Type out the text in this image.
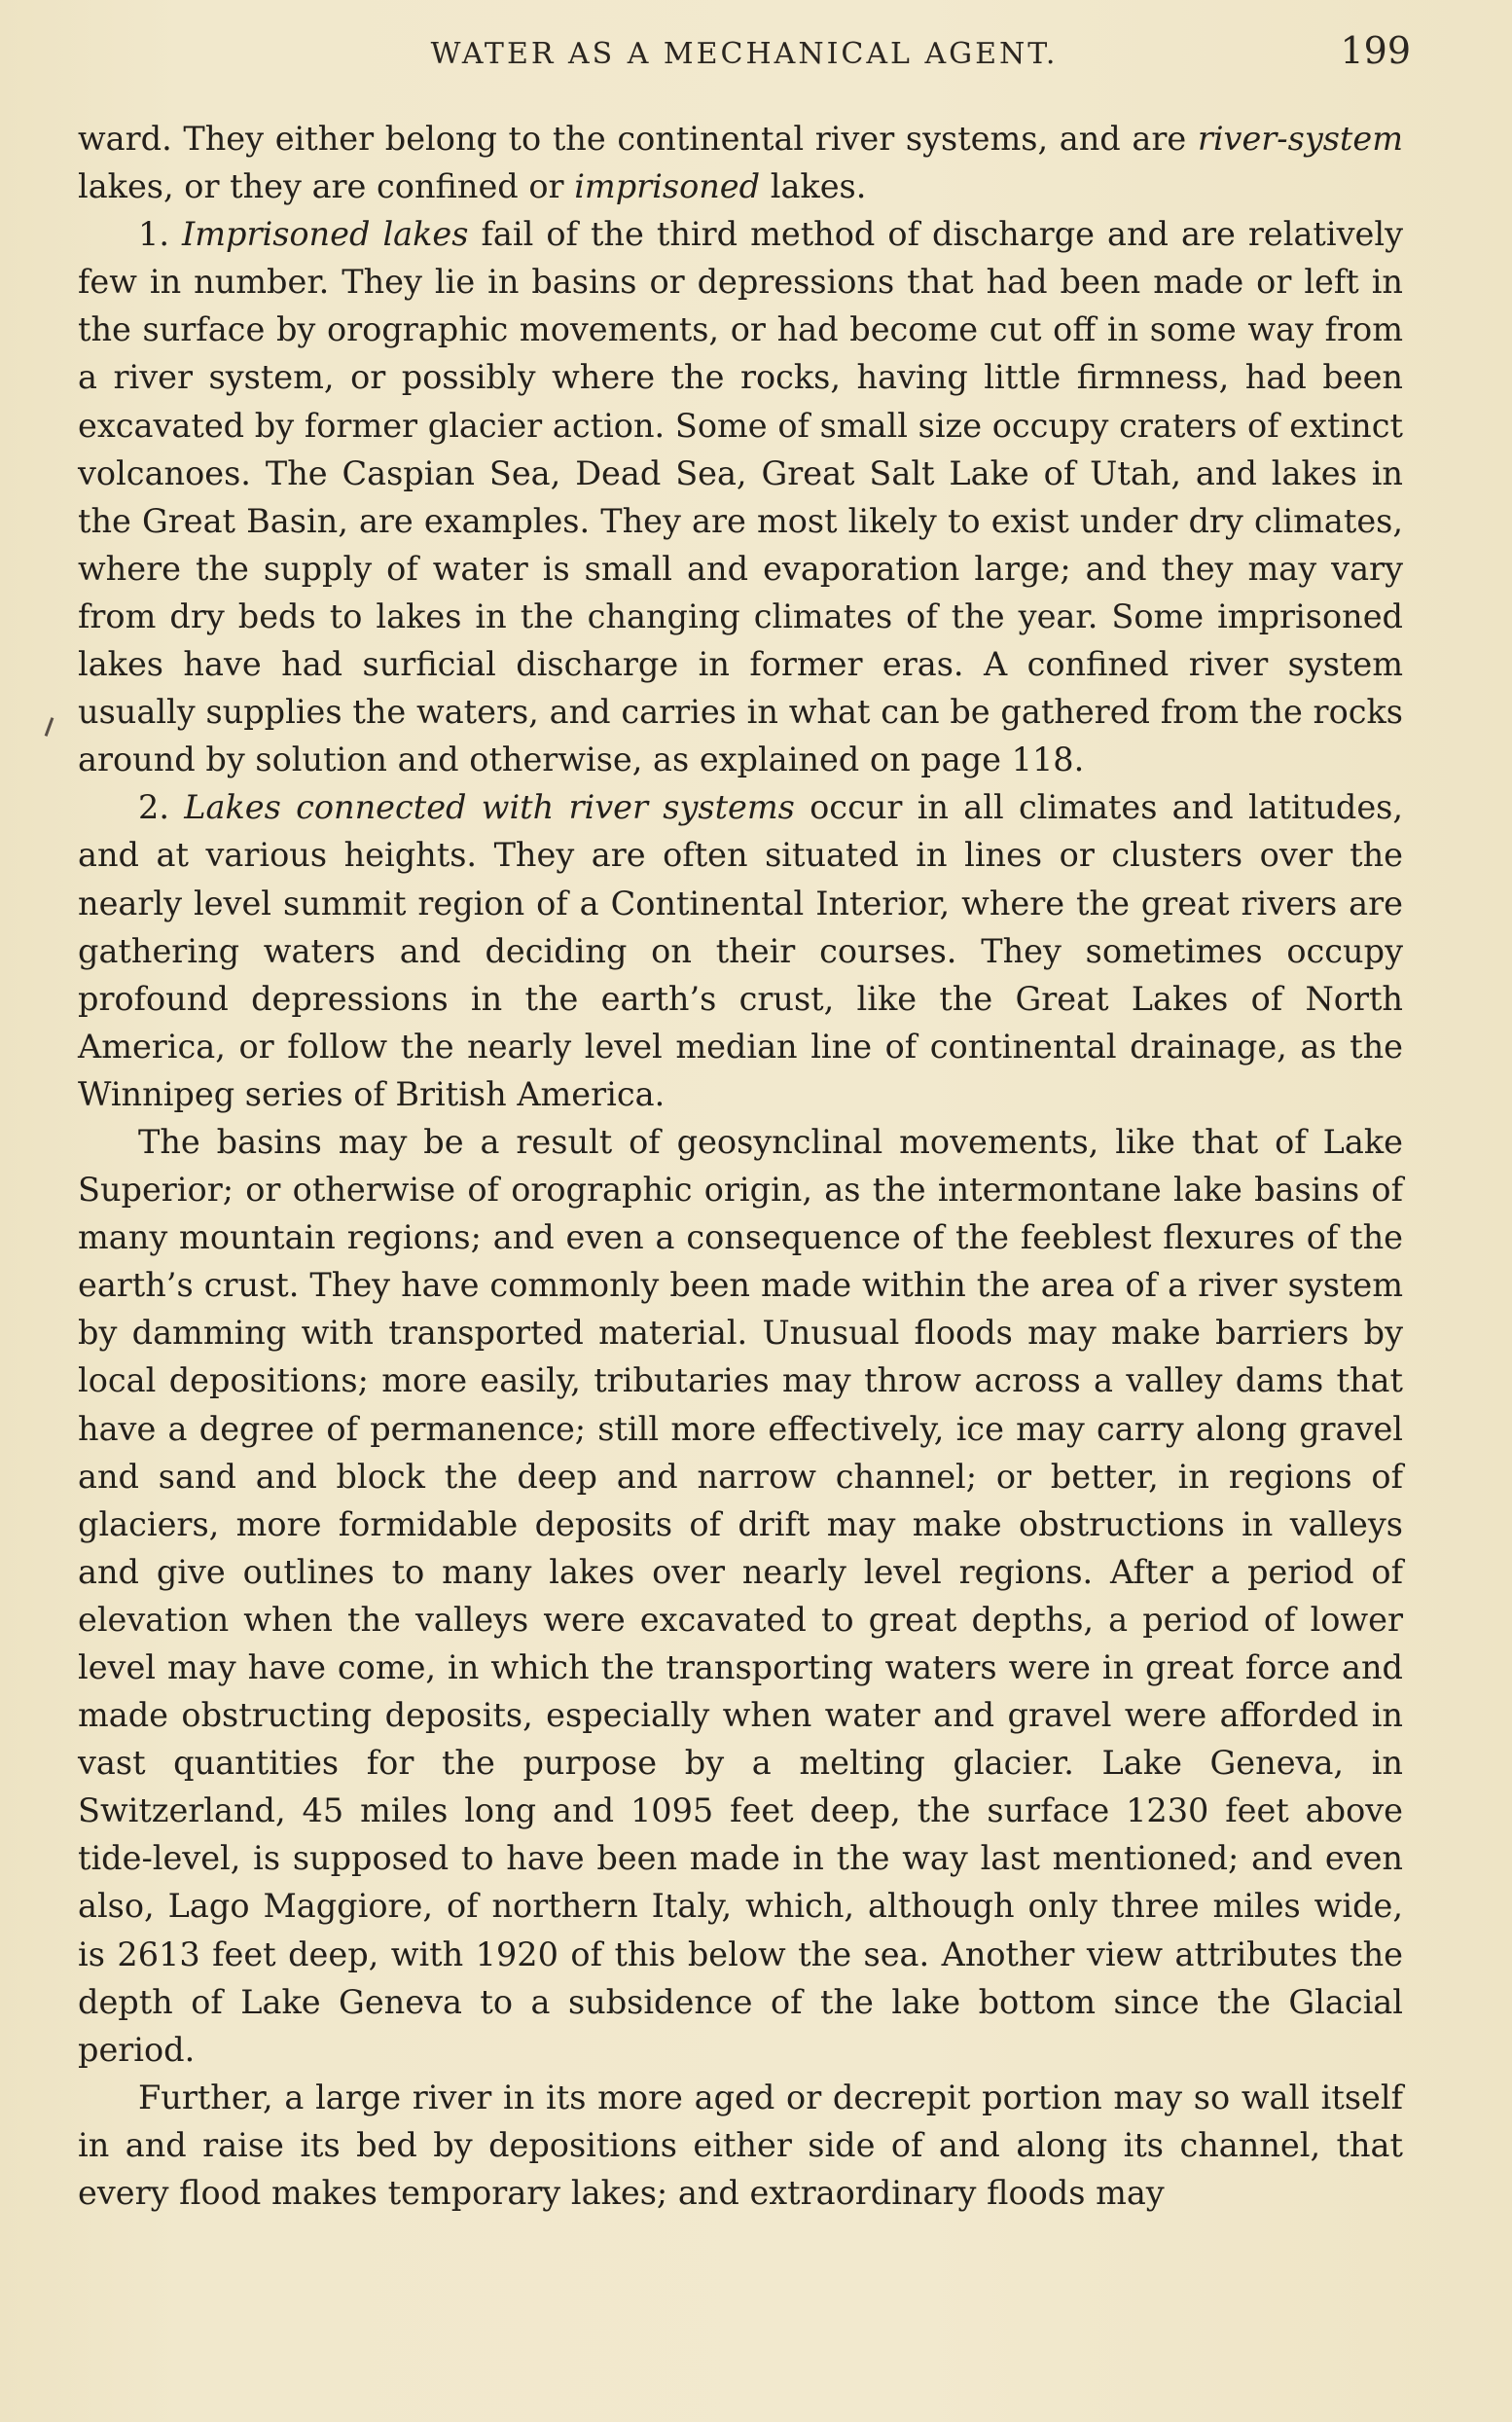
WATER AS A MECHANICAL AGENT.	199

ward. They either belong to the continental river systems, and are river-system lakes, or they are confined or imprisoned lakes.

1. Imprisoned lakes fail of the third method of discharge and are relatively few in number. They lie in basins or depressions that had been made or left in the surface by orographic movements, or had become cut off in some way from a river system, or possibly where the rocks, having little firmness, had been excavated by former glacier action. Some of small size occupy craters of extinct volcanoes. The Caspian Sea, Dead Sea, Great Salt Lake of Utah, and lakes in the Great Basin, are examples. They are most likely to exist under dry climates, where the supply of water is small and evaporation large; and they may vary from dry beds to lakes in the changing climates of the year. Some imprisoned lakes have had surficial discharge in former eras. A confined river system usually supplies the waters, and carries in what can be gathered from the rocks around by solution and otherwise, as explained on page 118.

2. Lakes connected with river systems occur in all climates and latitudes, and at various heights. They are often situated in lines or clusters over the nearly level summit region of a Continental Interior, where the great rivers are gathering waters and deciding on their courses. They sometimes occupy profound depressions in the earth’s crust, like the Great Lakes of North America, or follow the nearly level median line of continental drainage, as the Winnipeg series of British America.

The basins may be a result of geosynclinal movements, like that of Lake Superior; or otherwise of orographic origin, as the intermontane lake basins of many mountain regions; and even a consequence of the feeblest flexures of the earth’s crust. They have commonly been made within the area of a river system by damming with transported material. Unusual floods may make barriers by local depositions; more easily, tributaries may throw across a valley dams that have a degree of permanence; still more effectively, ice may carry along gravel and sand and block the deep and narrow channel; or better, in regions of glaciers, more formidable deposits of drift may make obstructions in valleys and give outlines to many lakes over nearly level regions. After a period of elevation when the valleys were excavated to great depths, a period of lower level may have come, in which the transporting waters were in great force and made obstructing deposits, especially when water and gravel were afforded in vast quantities for the purpose by a melting glacier. Lake Geneva, in Switzerland, 45 miles long and 1095 feet deep, the surface 1230 feet above tide-level, is supposed to have been made in the way last mentioned; and even also, Lago Maggiore, of northern Italy, which, although only three miles wide, is 2613 feet deep, with 1920 of this below the sea. Another view attributes the depth of Lake Geneva to a subsidence of the lake bottom since the Glacial period.

Further, a large river in its more aged or decrepit portion may so wall itself in and raise its bed by depositions either side of and along its channel, that every flood makes temporary lakes; and extraordinary floods may
